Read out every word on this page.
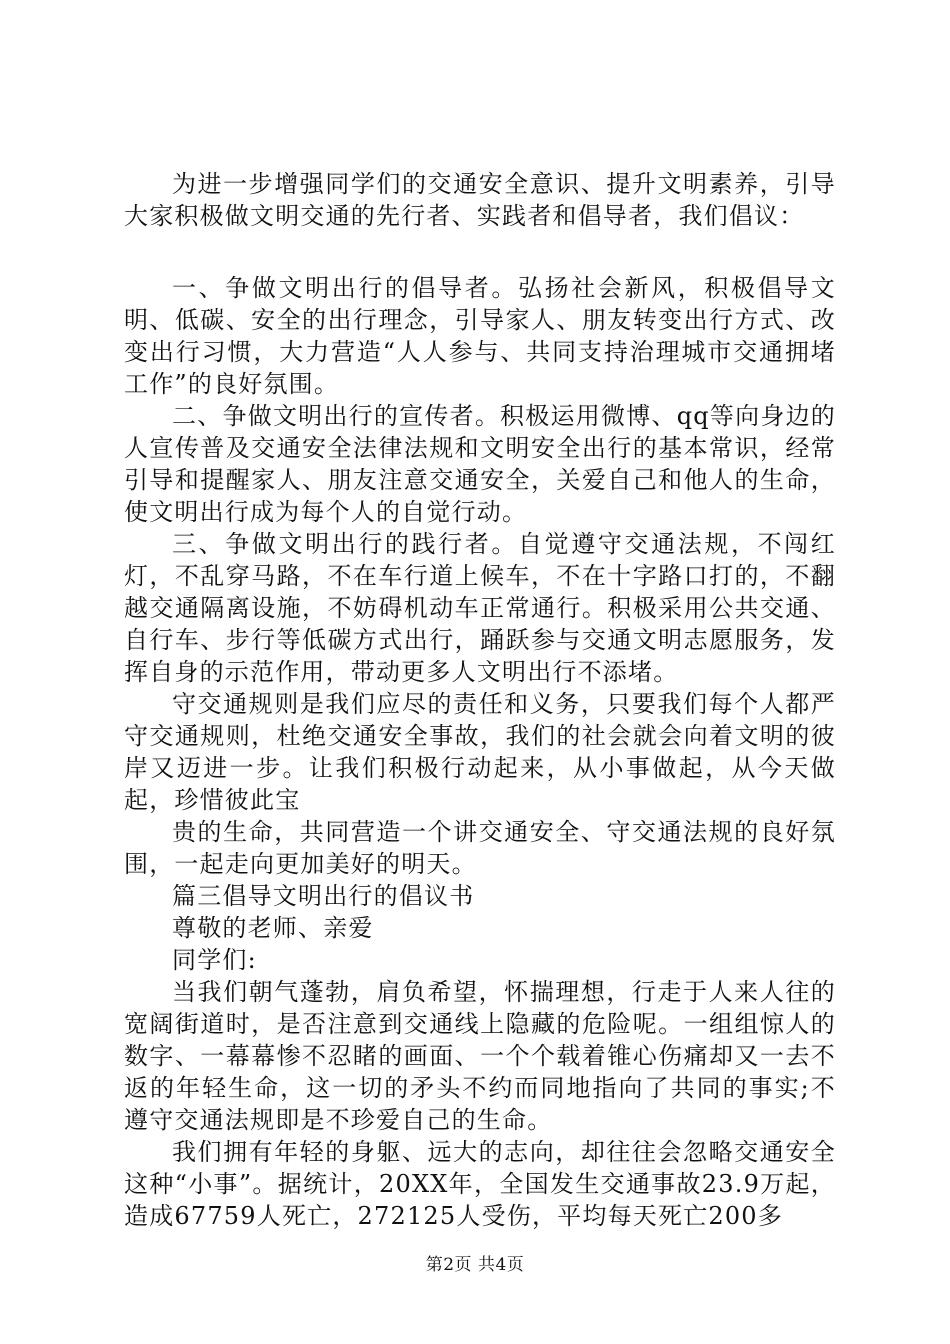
为进一步增强同学们的交通安全意识、提升文明素养，引导大家积极做文明交通的先行者、实践者和倡导者，我们倡议：

一、争做文明出行的倡导者。弘扬社会新风，积极倡导文明、低碳、安全的出行理念，引导家人、朋友转变出行方式、改变出行习惯，大力营造“人人参与、共同支持治理城市交通拥堵工作”的良好氛围。

二、争做文明出行的宣传者。积极运用微博、qq等向身边的人宣传普及交通安全法律法规和文明安全出行的基本常识，经常引导和提醒家人、朋友注意交通安全，关爱自己和他人的生命，使文明出行成为每个人的自觉行动。

三、争做文明出行的践行者。自觉遵守交通法规，不闯红灯，不乱穿马路，不在车行道上候车，不在十字路口打的，不翻越交通隔离设施，不妨碍机动车正常通行。积极采用公共交通、自行车、步行等低碳方式出行，踊跃参与交通文明志愿服务，发挥自身的示范作用，带动更多人文明出行不添堵。

守交通规则是我们应尽的责任和义务，只要我们每个人都严守交通规则，杜绝交通安全事故，我们的社会就会向着文明的彼岸又迈进一步。让我们积极行动起来，从小事做起，从今天做起，珍惜彼此宝

贵的生命，共同营造一个讲交通安全、守交通法规的良好氛围，一起走向更加美好的明天。

篇三倡导文明出行的倡议书

尊敬的老师、亲爱

同学们:

当我们朝气蓬勃，肩负希望，怀揣理想，行走于人来人往的宽阔街道时，是否注意到交通线上隐藏的危险呢。一组组惊人的数字、一幕幕惨不忍睹的画面、一个个载着锥心伤痛却又一去不返的年轻生命，这一切的矛头不约而同地指向了共同的事实;不遵守交通法规即是不珍爱自己的生命。

我们拥有年轻的身躯、远大的志向，却往往会忽略交通安全这种“小事”。据统计，20XX年，全国发生交通事故23.9万起，造成67759人死亡，272125人受伤，平均每天死亡200多

第2页 共4页
